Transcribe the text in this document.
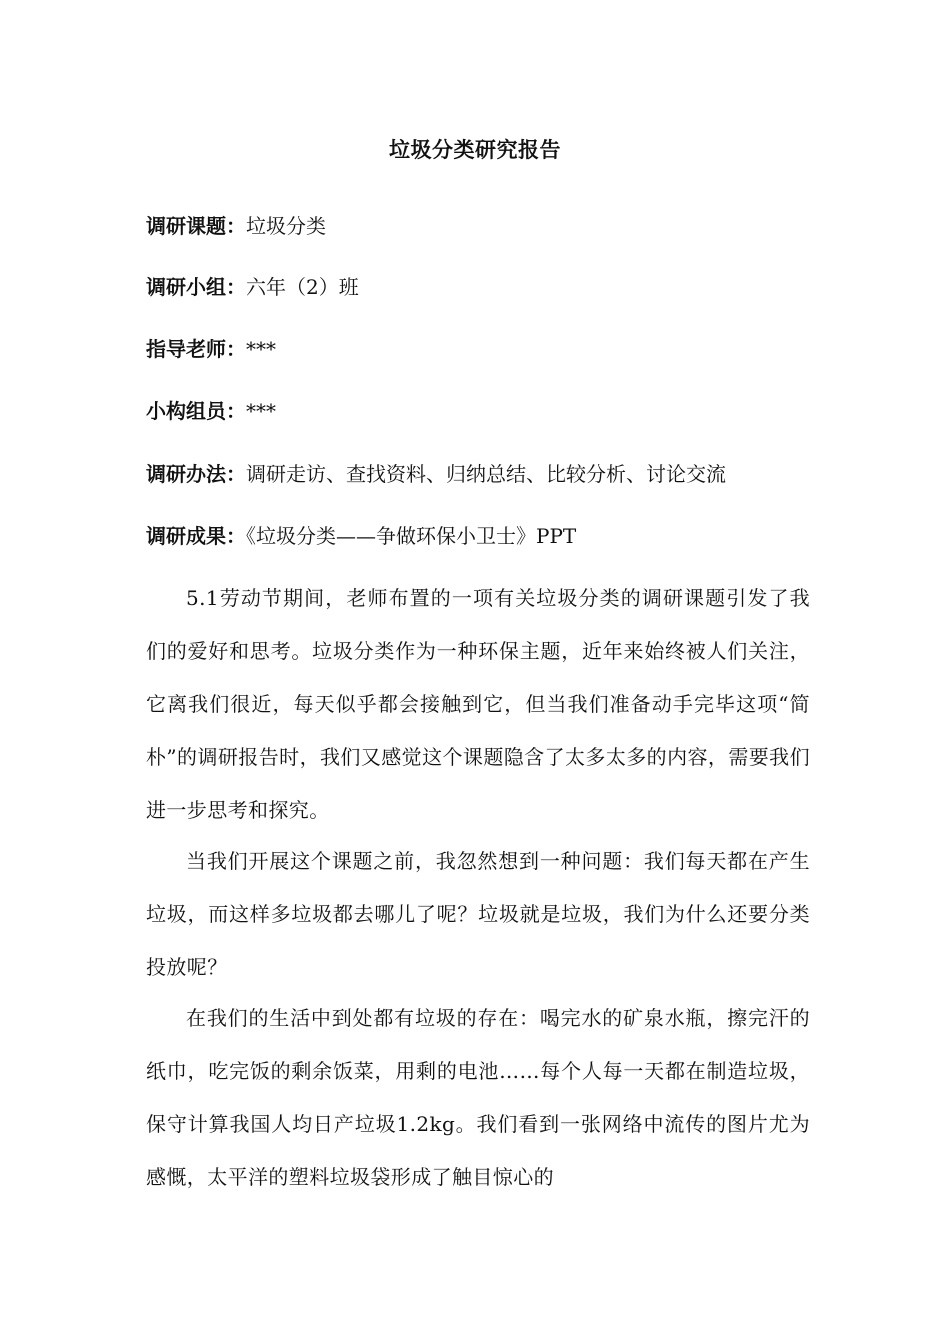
垃圾分类研究报告
调研课题：垃圾分类
调研小组：六年（2）班
指导老师：***
小构组员：***
调研办法：调研走访、查找资料、归纳总结、比较分析、讨论交流
调研成果：《垃圾分类——争做环保小卫士》PPT

5.1劳动节期间，老师布置的一项有关垃圾分类的调研课题引发了我们的爱好和思考。垃圾分类作为一种环保主题，近年来始终被人们关注，它离我们很近，每天似乎都会接触到它，但当我们准备动手完毕这项“简朴”的调研报告时，我们又感觉这个课题隐含了太多太多的内容，需要我们进一步思考和探究。

当我们开展这个课题之前，我忽然想到一种问题：我们每天都在产生垃圾，而这样多垃圾都去哪儿了呢？垃圾就是垃圾，我们为什么还要分类投放呢？

在我们的生活中到处都有垃圾的存在：喝完水的矿泉水瓶，擦完汗的纸巾，吃完饭的剩余饭菜，用剩的电池……每个人每一天都在制造垃圾，保守计算我国人均日产垃圾1.2kg。我们看到一张网络中流传的图片尤为感慨，太平洋的塑料垃圾袋形成了触目惊心的
